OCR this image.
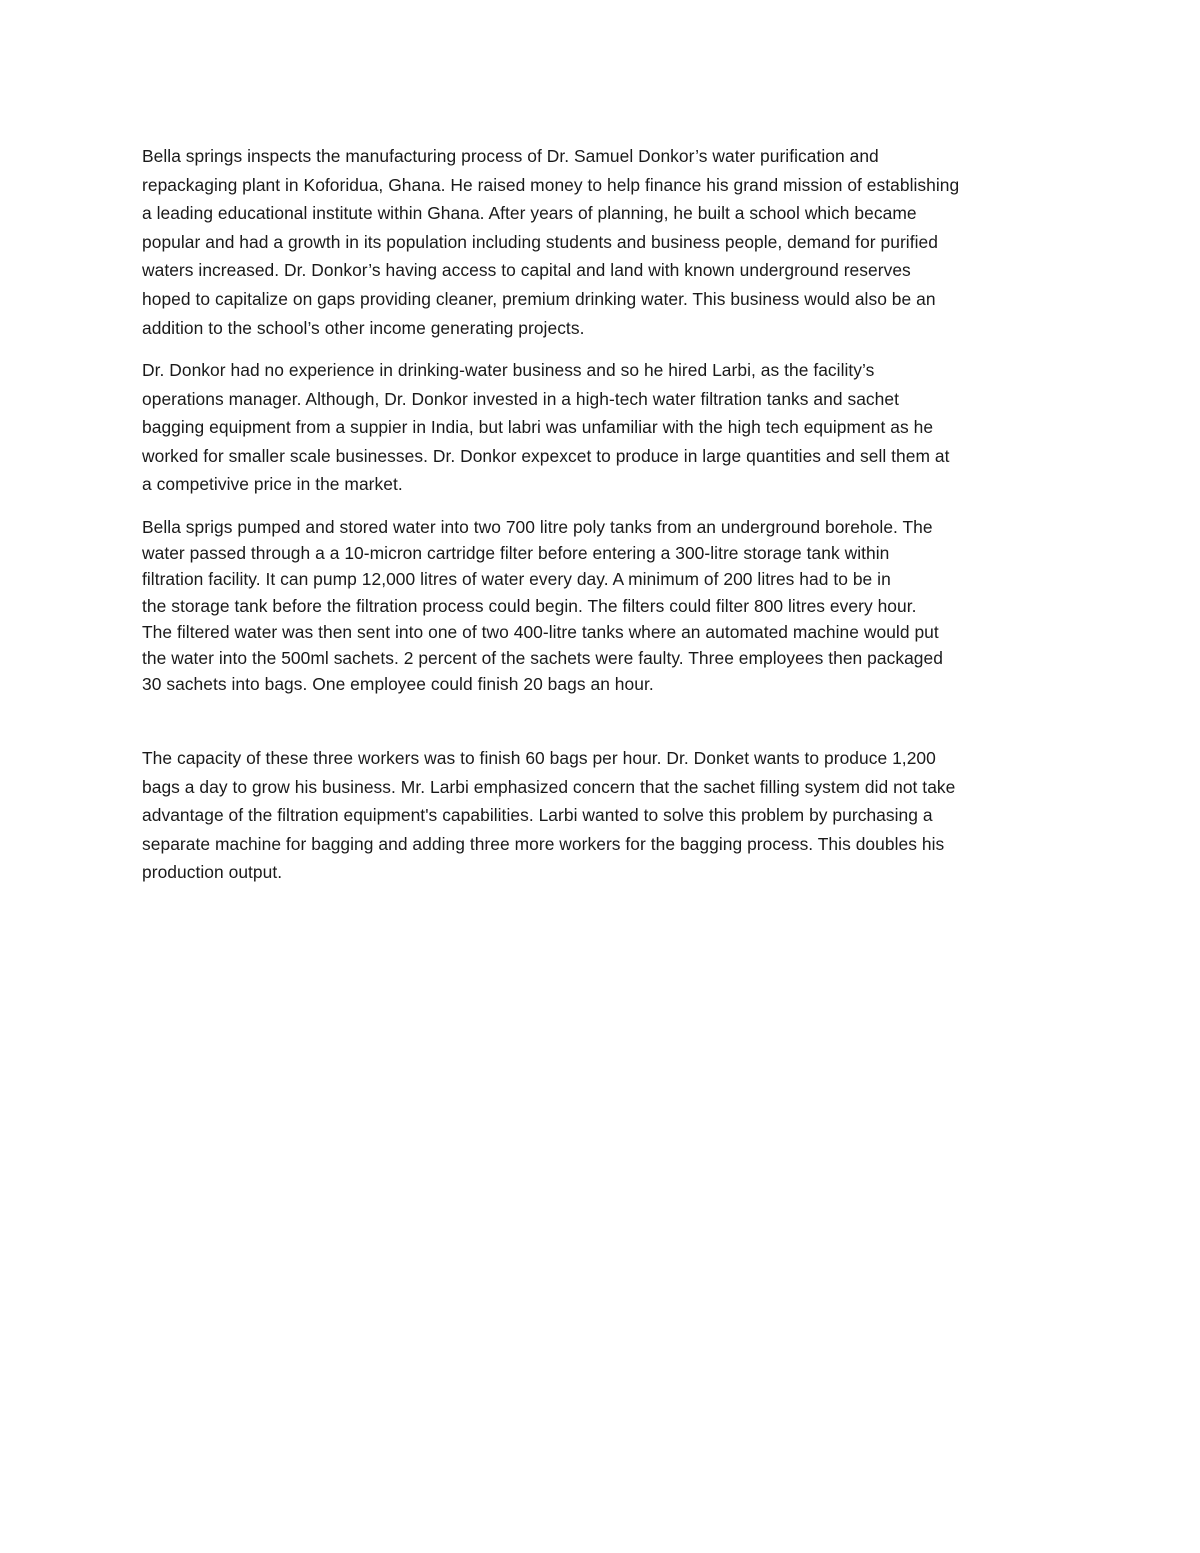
Bella springs inspects the manufacturing process of Dr. Samuel Donkor’s water purification and
repackaging plant in Koforidua, Ghana. He raised money to help finance his grand mission of establishing
a leading educational institute within Ghana. After years of planning, he built a school which became
popular and had a growth in its population including students and business people, demand for purified
waters increased. Dr. Donkor’s having access to capital and land with known underground reserves
hoped to capitalize on gaps providing cleaner, premium drinking water. This business would also be an
addition to the school’s other income generating projects.

Dr. Donkor had no experience in drinking-water business and so he hired Larbi, as the facility’s
operations manager. Although, Dr. Donkor invested in a high-tech water filtration tanks and sachet
bagging equipment from a suppier in India, but labri was unfamiliar with the high tech equipment as he
worked for smaller scale businesses. Dr. Donkor expexcet to produce in large quantities and sell them at
a competivive price in the market.

Bella sprigs pumped and stored water into two 700 litre poly tanks from an underground borehole. The
water passed through a a 10-micron cartridge filter before entering a 300-litre storage tank within
filtration facility. It can pump 12,000 litres of water every day. A minimum of 200 litres had to be in
the storage tank before the filtration process could begin. The filters could filter 800 litres every hour.
The filtered water was then sent into one of two 400-litre tanks where an automated machine would put
the water into the 500ml sachets. 2 percent of the sachets were faulty. Three employees then packaged
30 sachets into bags. One employee could finish 20 bags an hour.

The capacity of these three workers was to finish 60 bags per hour. Dr. Donket wants to produce 1,200
bags a day to grow his business. Mr. Larbi emphasized concern that the sachet filling system did not take
advantage of the filtration equipment's capabilities. Larbi wanted to solve this problem by purchasing a
separate machine for bagging and adding three more workers for the bagging process. This doubles his
production output.
